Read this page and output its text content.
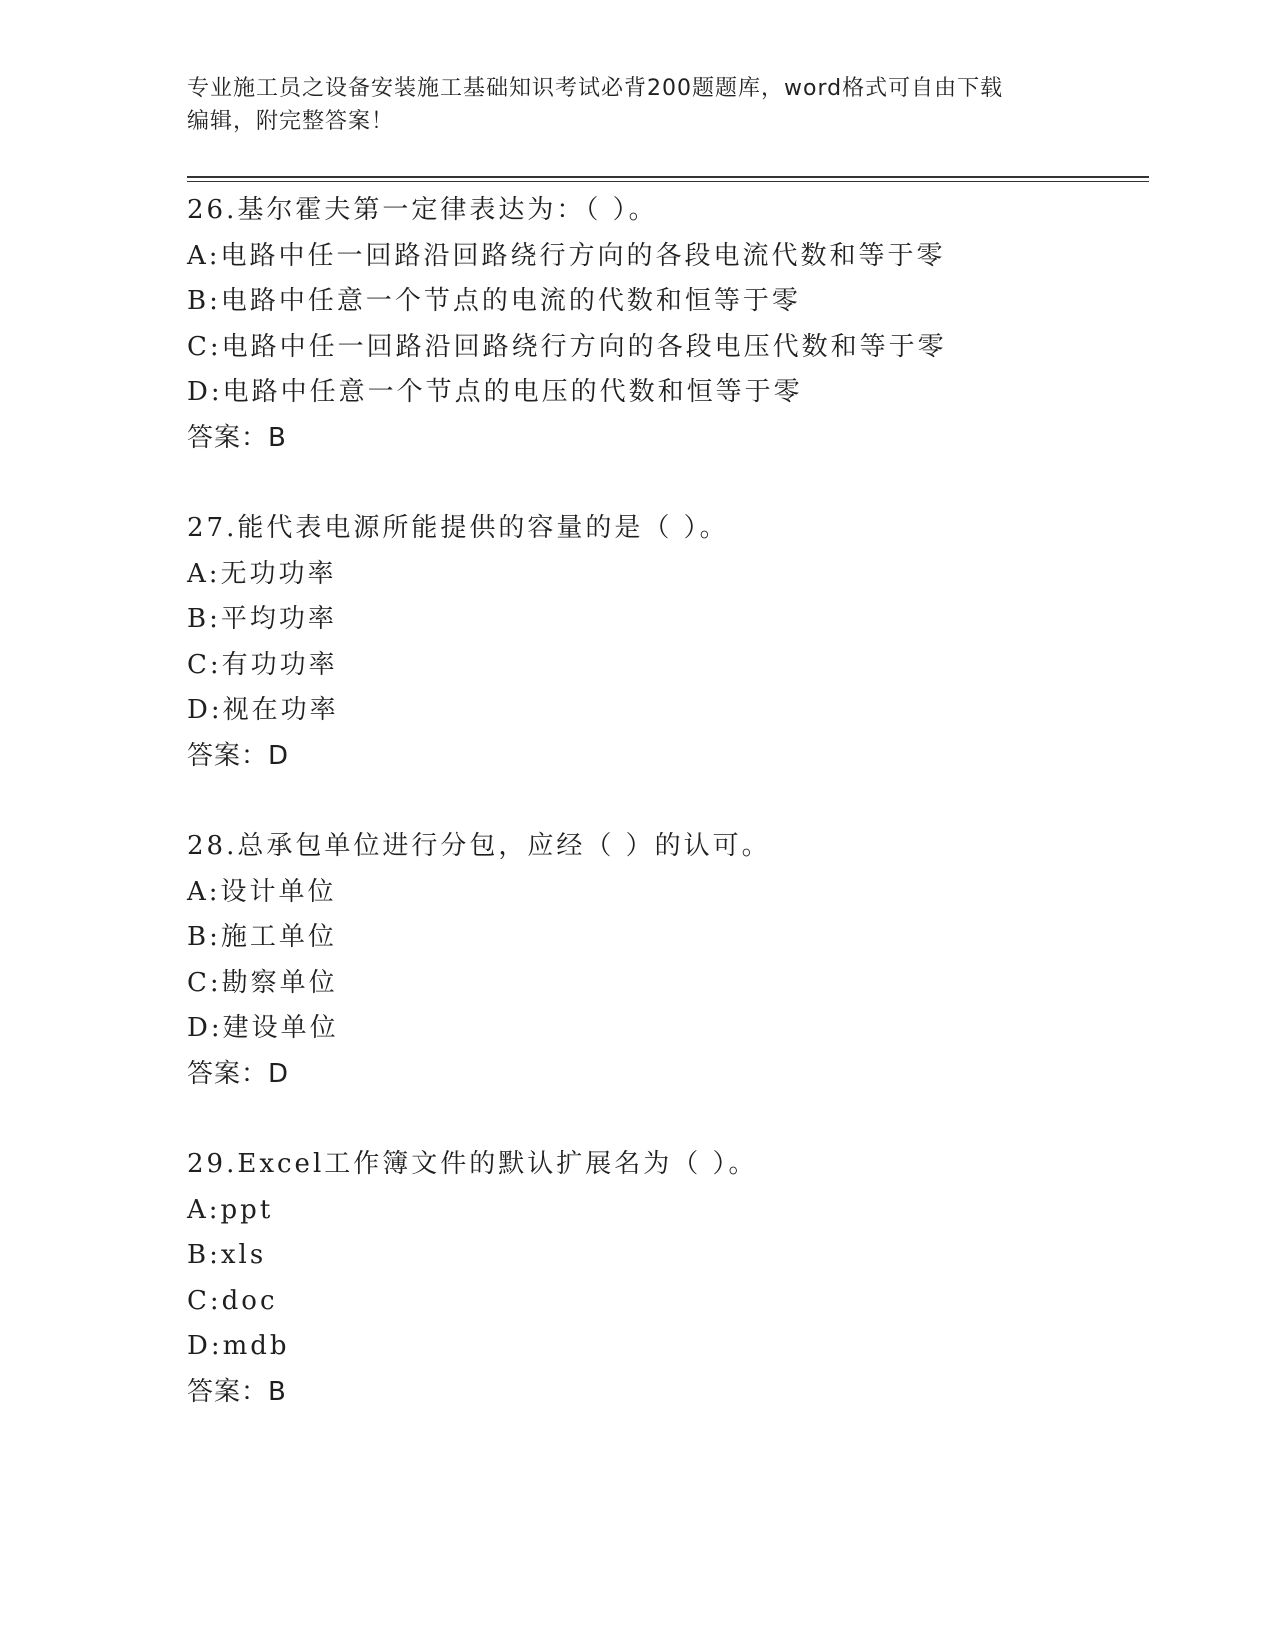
专业施工员之设备安装施工基础知识考试必背200题题库，word格式可自由下载
编辑，附完整答案！

26.基尔霍夫第一定律表达为：（ ）。

A:电路中任一回路沿回路绕行方向的各段电流代数和等于零

B:电路中任意一个节点的电流的代数和恒等于零

C:电路中任一回路沿回路绕行方向的各段电压代数和等于零

D:电路中任意一个节点的电压的代数和恒等于零

答案：B

27.能代表电源所能提供的容量的是（ ）。

A:无功功率

B:平均功率

C:有功功率

D:视在功率

答案：D

28.总承包单位进行分包，应经（ ）的认可。

A:设计单位

B:施工单位

C:勘察单位

D:建设单位

答案：D

29.Excel工作簿文件的默认扩展名为（ ）。

A:ppt

B:xls

C:doc

D:mdb

答案：B
